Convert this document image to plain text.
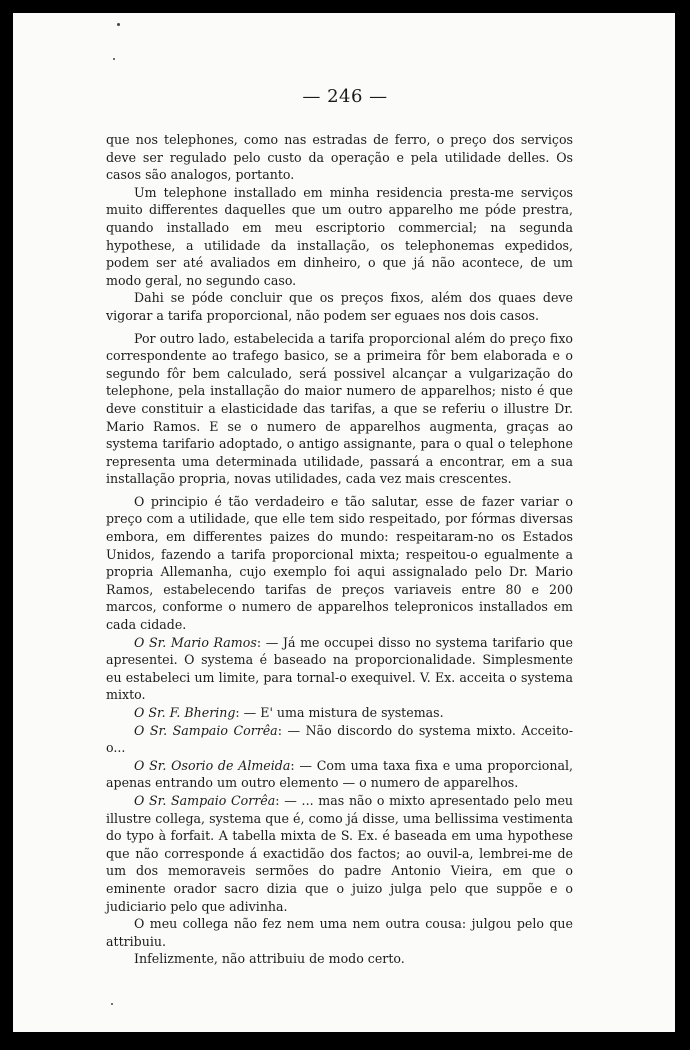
— 246 —

que nos telephones, como nas estradas de ferro, o preço dos serviços deve ser regulado pelo custo da operação e pela utilidade delles. Os casos são analogos, portanto.

Um telephone installado em minha residencia presta-me serviços muito differentes daquelles que um outro apparelho me póde prestra, quando installado em meu escriptorio commercial; na segunda hypothese, a utilidade da installação, os telephonemas expedidos, podem ser até avaliados em dinheiro, o que já não acontece, de um modo geral, no segundo caso.

Dahi se póde concluir que os preços fixos, além dos quaes deve vigorar a tarifa proporcional, não podem ser eguaes nos dois casos.

Por outro lado, estabelecida a tarifa proporcional além do preço fixo correspondente ao trafego basico, se a primeira fôr bem elaborada e o segundo fôr bem calculado, será possivel alcançar a vulgarização do telephone, pela installação do maior numero de apparelhos; nisto é que deve constituir a elasticidade das tarifas, a que se referiu o illustre Dr. Mario Ramos. E se o numero de apparelhos augmenta, graças ao systema tarifario adoptado, o antigo assignante, para o qual o telephone representa uma determinada utilidade, passará a encontrar, em a sua installação propria, novas utilidades, cada vez mais crescentes.

O principio é tão verdadeiro e tão salutar, esse de fazer variar o preço com a utilidade, que elle tem sido respeitado, por fórmas diversas embora, em differentes paizes do mundo: respeitaram-no os Estados Unidos, fazendo a tarifa proporcional mixta; respeitou-o egualmente a propria Allemanha, cujo exemplo foi aqui assignalado pelo Dr. Mario Ramos, estabelecendo tarifas de preços variaveis entre 80 e 200 marcos, conforme o numero de apparelhos telepronicos installados em cada cidade.

O Sr. Mario Ramos: — Já me occupei disso no systema tarifario que apresentei. O systema é baseado na proporcionalidade. Simplesmente eu estabeleci um limite, para tornal-o exequivel. V. Ex. acceita o systema mixto.

O Sr. F. Bhering: — E' uma mistura de systemas.

O Sr. Sampaio Corrêa: — Não discordo do systema mixto. Acceito-o...

O Sr. Osorio de Almeida: — Com uma taxa fixa e uma proporcional, apenas entrando um outro elemento — o numero de apparelhos.

O Sr. Sampaio Corrêa: — ... mas não o mixto apresentado pelo meu illustre collega, systema que é, como já disse, uma bellissima vestimenta do typo à forfait. A tabella mixta de S. Ex. é baseada em uma hypothese que não corresponde á exactidão dos factos; ao ouvil-a, lembrei-me de um dos memoraveis sermões do padre Antonio Vieira, em que o eminente orador sacro dizia que o juizo julga pelo que suppõe e o judiciario pelo que adivinha.

O meu collega não fez nem uma nem outra cousa: julgou pelo que attribuiu.

Infelizmente, não attribuiu de modo certo.
